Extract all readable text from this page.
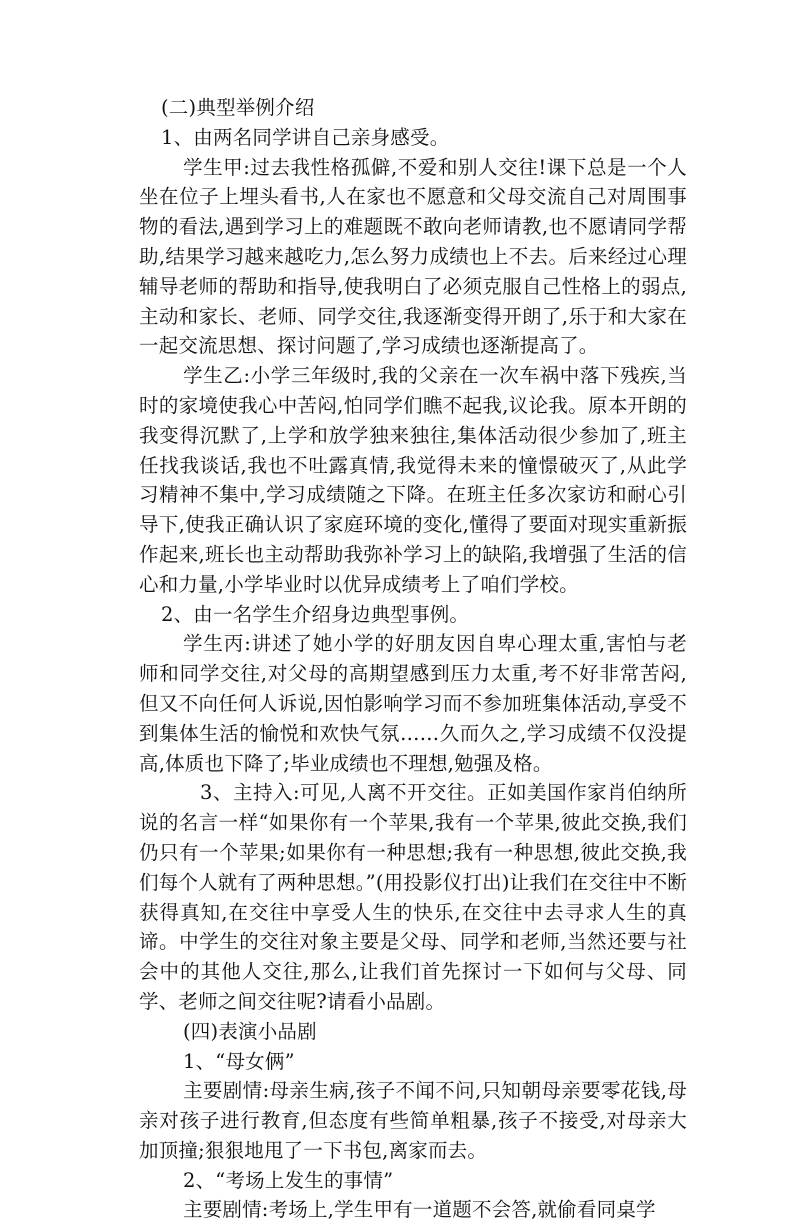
(二)典型举例介绍

1、由两名同学讲自己亲身感受。

学生甲:过去我性格孤僻,不爱和别人交往!课下总是一个人坐在位子上埋头看书,人在家也不愿意和父母交流自己对周围事物的看法,遇到学习上的难题既不敢向老师请教,也不愿请同学帮助,结果学习越来越吃力,怎么努力成绩也上不去。后来经过心理辅导老师的帮助和指导,使我明白了必须克服自己性格上的弱点,主动和家长、老师、同学交往,我逐渐变得开朗了,乐于和大家在一起交流思想、探讨问题了,学习成绩也逐渐提高了。

学生乙:小学三年级时,我的父亲在一次车祸中落下残疾,当时的家境使我心中苦闷,怕同学们瞧不起我,议论我。原本开朗的我变得沉默了,上学和放学独来独往,集体活动很少参加了,班主任找我谈话,我也不吐露真情,我觉得未来的憧憬破灭了,从此学习精神不集中,学习成绩随之下降。在班主任多次家访和耐心引导下,使我正确认识了家庭环境的变化,懂得了要面对现实重新振作起来,班长也主动帮助我弥补学习上的缺陷,我增强了生活的信心和力量,小学毕业时以优异成绩考上了咱们学校。

2、由一名学生介绍身边典型事例。

学生丙:讲述了她小学的好朋友因自卑心理太重,害怕与老师和同学交往,对父母的高期望感到压力太重,考不好非常苦闷,但又不向任何人诉说,因怕影响学习而不参加班集体活动,享受不到集体生活的愉悦和欢快气氛……久而久之,学习成绩不仅没提高,体质也下降了;毕业成绩也不理想,勉强及格。

3、主持入:可见,人离不开交往。正如美国作家肖伯纳所说的名言一样“如果你有一个苹果,我有一个苹果,彼此交换,我们仍只有一个苹果;如果你有一种思想;我有一种思想,彼此交换,我们每个人就有了两种思想。”(用投影仪打出)让我们在交往中不断获得真知,在交往中享受人生的快乐,在交往中去寻求人生的真谛。中学生的交往对象主要是父母、同学和老师,当然还要与社会中的其他人交往,那么,让我们首先探讨一下如何与父母、同学、老师之间交往呢?请看小品剧。

(四)表演小品剧

1、“母女俩”

主要剧情:母亲生病,孩子不闻不问,只知朝母亲要零花钱,母亲对孩子进行教育,但态度有些简单粗暴,孩子不接受,对母亲大加顶撞;狠狠地甩了一下书包,离家而去。

2、“考场上发生的事情”

主要剧情:考场上,学生甲有一道题不会答,就偷看同桌学
